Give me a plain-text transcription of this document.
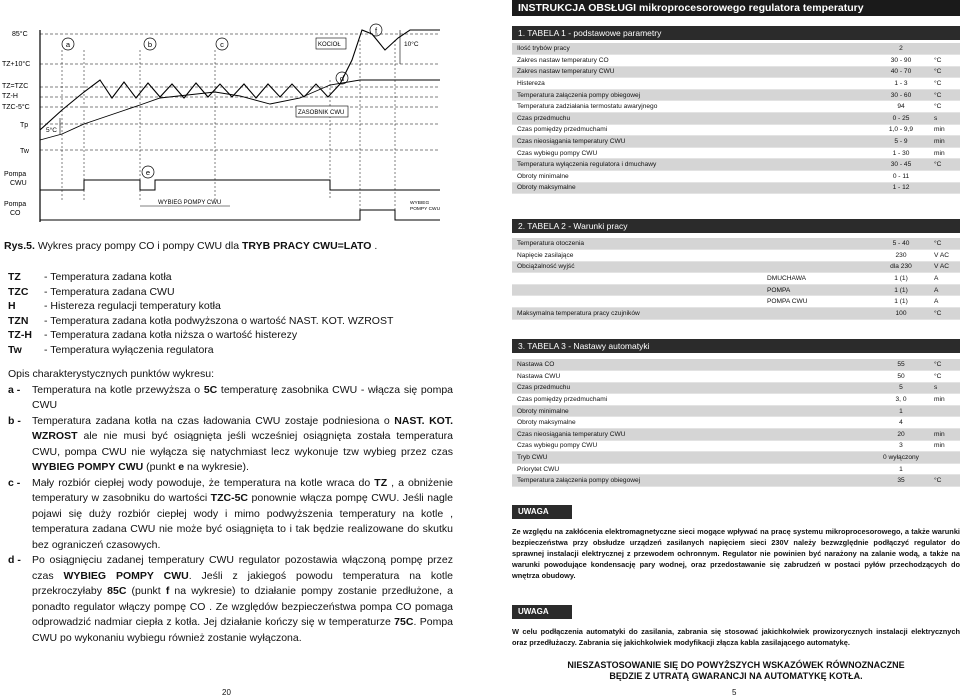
85°C
TZ+10°C
TZ=TZC
TZ-H
TZC-5°C
Tp
Tw
Pompa
CWU
Pompa
CO
5°C
10°C
a	b	c
d
f
e
KOCIOŁ
ZASOBNIK CWU
WYBIEG POMPY CWU	WYBIEG
POMPY CWU
Rys.5. Wykres pracy pompy CO i pompy CWU dla TRYB PRACY CWU=LATO .
TZ	- Temperatura zadana kotła
TZC	- Temperatura zadana CWU
H	- Histereza regulacji temperatury kotła
TZN	- Temperatura zadana kotła podwyższona o wartość NAST. KOT. WZROST
TZ-H	- Temperatura zadana kotła niższa o wartość histerezy
Tw	- Temperatura wyłączenia regulatora
Opis charakterystycznych punktów wykresu:
a -	Temperatura na kotle przewyższa o 5C temperaturę zasobnika CWU - włącza się pompa CWU
b -	Temperatura zadana kotła na czas ładowania CWU zostaje podniesiona o NAST. KOT. WZROST ale nie musi być osiągnięta jeśli wcześniej osiągnięta została temperatura CWU, pompa CWU nie wyłącza się natychmiast lecz wykonuje tzw wybieg przez czas WYBIEG POMPY CWU (punkt e na wykresie).
c -	Mały rozbiór ciepłej wody powoduje, że temperatura na kotle wraca do TZ , a obniżenie temperatury w zasobniku do wartości TZC-5C ponownie włącza pompę CWU. Jeśli nagle pojawi się duży rozbiór ciepłej wody i mimo podwyższenia temperatury na kotle , temperatura zadana CWU nie może być osiągnięta to i tak będzie realizowane do skutku bez ograniczeń czasowych.
d -	Po osiągnięciu zadanej temperatury CWU regulator pozostawia włączoną pompę przez czas WYBIEG POMPY CWU. Jeśli z jakiegoś powodu temperatura na kotle przekroczyłaby 85C (punkt f na wykresie) to działanie pompy zostanie przedłużone, a ponadto regulator włączy pompę CO . Ze względów bezpieczeństwa pompa CO pomaga odprowadzić nadmiar ciepła z kotła. Jej działanie kończy się w temperaturze 75C. Pompa CWU po wykonaniu wybiegu również zostanie wyłączona.
20
INSTRUKCJA OBSŁUGI mikroprocesorowego regulatora temperatury
1. TABELA 1 - podstawowe parametry
Ilość trybów pracy	2	
Zakres nastaw temperatury CO	30 - 90	°C
Zakres nastaw temperatury CWU	40 - 70	°C
Histereza	1 - 3	°C
Temperatura załączenia pompy obiegowej	30 - 60	°C
Temperatura zadziałania termostatu awaryjnego	94	°C
Czas przedmuchu	0 - 25	s
Czas pomiędzy przedmuchami	1,0 - 9,9	min
Czas nieosiągania temperatury CWU	5 - 9	min
Czas wybiegu pompy CWU	1 - 30	min
Temperatura wyłączenia regulatora i dmuchawy	30 - 45	°C
Obroty minimalne	0 - 11	
Obroty maksymalne	1 - 12	
2. TABELA 2 - Warunki pracy
Temperatura otoczenia		5 - 40	°C
Napięcie zasilające		230	V AC
Obciążalność wyjść		dla 230	V AC
	DMUCHAWA	1 (1)	A
	POMPA	1 (1)	A
	POMPA CWU	1 (1)	A
Maksymalna temperatura pracy czujników		100	°C
3. TABELA 3 - Nastawy automatyki
Nastawa CO	55	°C
Nastawa CWU	50	°C
Czas przedmuchu	5	s
Czas pomiędzy przedmuchami	3, 0	min
Obroty minimalne	1	
Obroty maksymalne	4	
Czas nieosiągania temperatury CWU	20	min
Czas wybiegu pompy CWU	3	min
Tryb CWU	0 wyłączony	
Priorytet CWU	1	
Temperatura załączenia pompy obiegowej	35	°C
UWAGA
Ze względu na zakłócenia elektromagnetyczne sieci mogące wpływać na pracę systemu mikroprocesorowego, a także warunki bezpieczeństwa przy obsłudze urządzeń zasilanych napięciem sieci 230V należy bezwzględnie podłączyć regulator do sprawnej instalacji elektrycznej z przewodem ochronnym. Regulator nie powinien być narażony na zalanie wodą, a także na warunki powodujące kondensację pary wodnej, oraz przedostawanie się zabrudzeń w postaci pyłów przechodzących do wnętrza obudowy.
UWAGA
W celu podłączenia automatyki do zasilania, zabrania się stosować jakichkolwiek prowizorycznych instalacji elektrycznych oraz przedłużaczy. Zabrania się jakichkolwiek modyfikacji złącza kabla zasilającego automatykę.
NIESZASTOSOWANIE SIĘ DO POWYŻSZYCH WSKAZÓWEK RÓWNOZNACZNE
BĘDZIE Z UTRATĄ GWARANCJI NA AUTOMATYKĘ KOTŁA.
5
